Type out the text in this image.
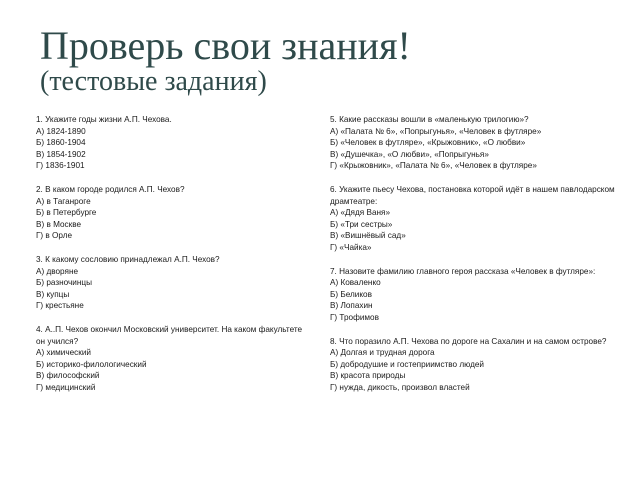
Проверь свои знания!
(тестовые задания)
1. Укажите годы жизни А.П. Чехова.
А) 1824-1890
Б) 1860-1904
В) 1854-1902
Г) 1836-1901
2. В каком городе родился А.П. Чехов?
А) в Таганроге
Б) в Петербурге
В) в Москве
Г) в Орле
3. К какому сословию принадлежал А.П. Чехов?
А) дворяне
Б) разночинцы
В) купцы
Г) крестьяне
4. А..П. Чехов окончил Московский университет. На каком факультете он учился?
А) химический
Б) историко-филологический
В) философский
Г) медицинский
5. Какие рассказы вошли в «маленькую трилогию»?
А) «Палата № 6», «Попрыгунья», «Человек в футляре»
Б) «Человек в футляре», «Крыжовник», «О любви»
В) «Душечка», «О любви», «Попрыгунья»
Г) «Крыжовник», «Палата № 6», «Человек в футляре»
6. Укажите пьесу Чехова, постановка которой идёт в нашем павлодарском драмтеатре:
А) «Дядя Ваня»
Б) «Три сестры»
В) «Вишнёвый сад»
Г) «Чайка»
7. Назовите фамилию главного героя рассказа «Человек в футляре»:
А) Коваленко
Б) Беликов
В) Лопахин
Г) Трофимов
8. Что поразило А.П. Чехова по дороге на Сахалин и на самом острове?
А) Долгая и трудная дорога
Б) добродушие и гостеприимство людей
В) красота природы
Г) нужда, дикость, произвол властей
